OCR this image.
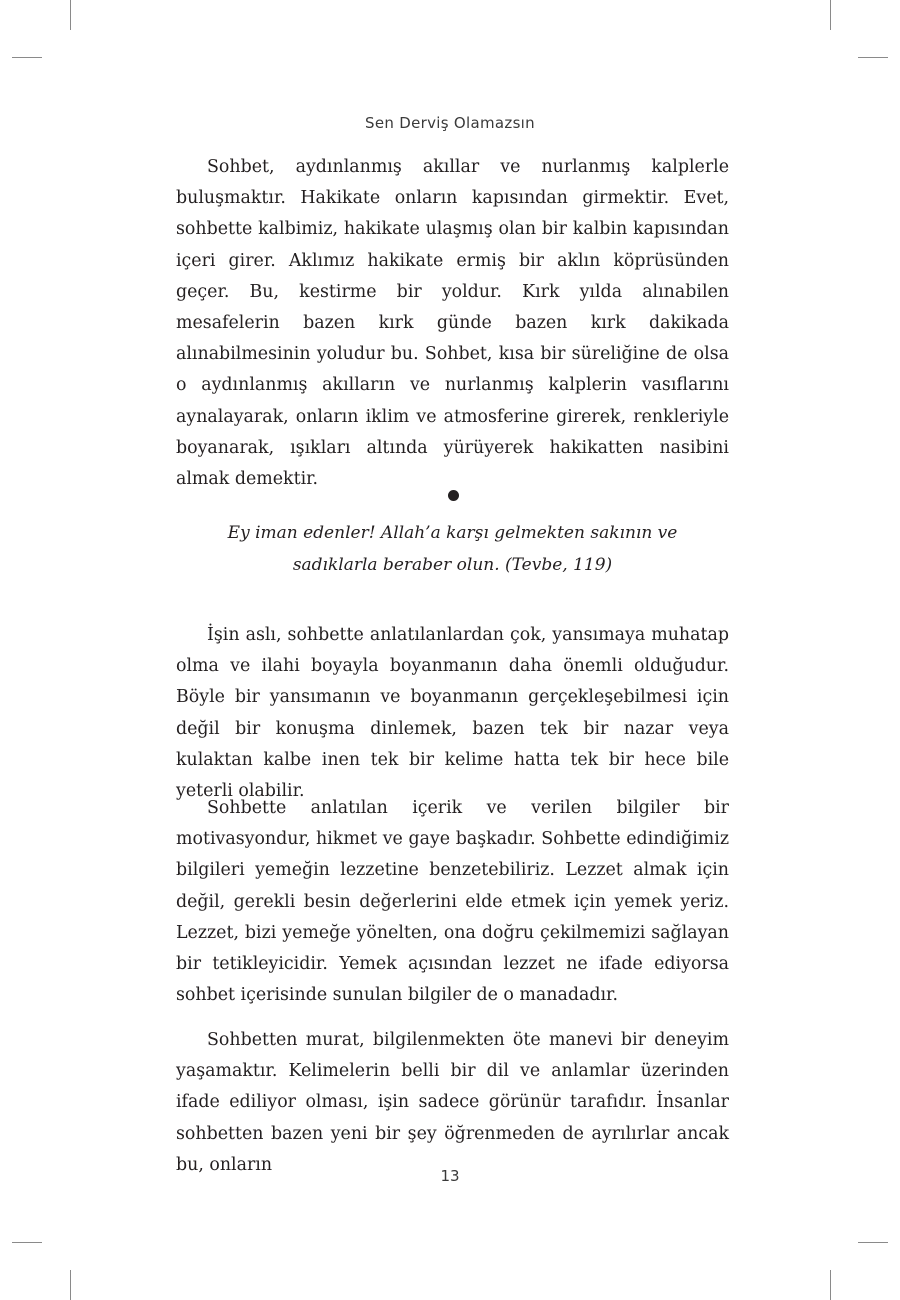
Sen Derviş Olamazsın

Sohbet, aydınlanmış akıllar ve nurlanmış kalplerle buluşmaktır. Hakikate onların kapısından girmektir. Evet, sohbette kalbimiz, hakikate ulaşmış olan bir kalbin kapısından içeri girer. Aklımız hakikate ermiş bir aklın köprüsünden geçer. Bu, kestirme bir yoldur. Kırk yılda alınabilen mesafelerin bazen kırk günde bazen kırk dakikada alınabilmesinin yoludur bu. Sohbet, kısa bir süreliğine de olsa o aydınlanmış akılların ve nurlanmış kalplerin vasıflarını aynalayarak, onların iklim ve atmosferine girerek, renkleriyle boyanarak, ışıkları altında yürüyerek hakikatten nasibini almak demektir.

Ey iman edenler! Allah’a karşı gelmekten sakının ve
sadıklarla beraber olun. (Tevbe, 119)

İşin aslı, sohbette anlatılanlardan çok, yansımaya muhatap olma ve ilahi boyayla boyanmanın daha önemli olduğudur. Böyle bir yansımanın ve boyanmanın gerçekleşebilmesi için değil bir konuşma dinlemek, bazen tek bir nazar veya kulaktan kalbe inen tek bir kelime hatta tek bir hece bile yeterli olabilir.

Sohbette anlatılan içerik ve verilen bilgiler bir motivasyondur, hikmet ve gaye başkadır. Sohbette edindiğimiz bilgileri yemeğin lezzetine benzetebiliriz. Lezzet almak için değil, gerekli besin değerlerini elde etmek için yemek yeriz. Lezzet, bizi yemeğe yönelten, ona doğru çekilmemizi sağlayan bir tetikleyicidir. Yemek açısından lezzet ne ifade ediyorsa sohbet içerisinde sunulan bilgiler de o manadadır.

Sohbetten murat, bilgilenmekten öte manevi bir deneyim yaşamaktır. Kelimelerin belli bir dil ve anlamlar üzerinden ifade ediliyor olması, işin sadece görünür tarafıdır. İnsanlar sohbetten bazen yeni bir şey öğrenmeden de ayrılırlar ancak bu, onların

13
